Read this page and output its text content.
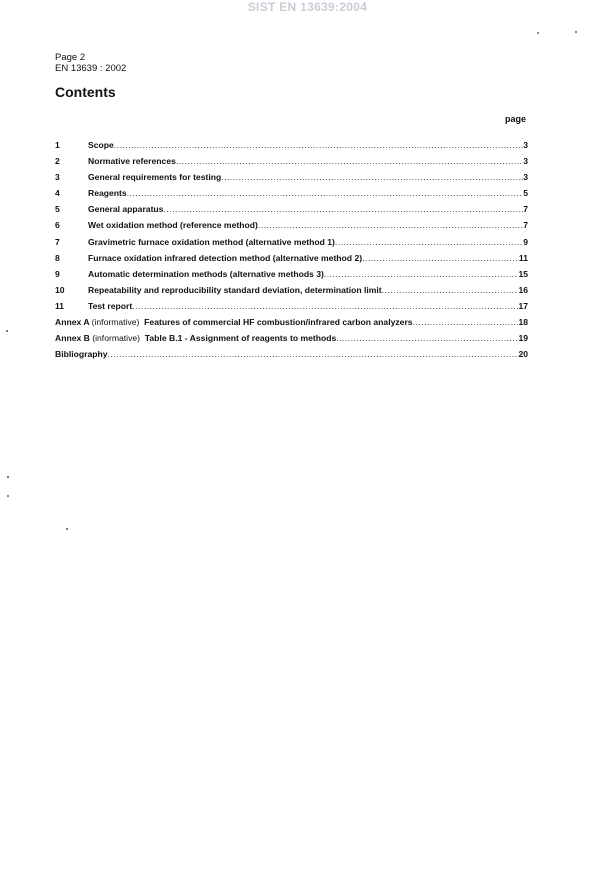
SIST EN 13639:2004
Page 2
EN 13639 : 2002
Contents
page
1	Scope .....	3
2	Normative references .....	3
3	General requirements for testing .....	3
4	Reagents .....	5
5	General apparatus .....	7
6	Wet oxidation method (reference method) .....	7
7	Gravimetric furnace oxidation method (alternative method 1) .....	9
8	Furnace oxidation infrared detection method (alternative method 2) .....	11
9	Automatic determination methods (alternative methods 3) .....	15
10	Repeatability and reproducibility standard deviation, determination limit .....	16
11	Test report .....	17
Annex A (informative) Features of commercial HF combustion/infrared carbon analyzers .....	18
Annex B (informative) Table B.1 - Assignment of reagents to methods .....	19
Bibliography .....	20
